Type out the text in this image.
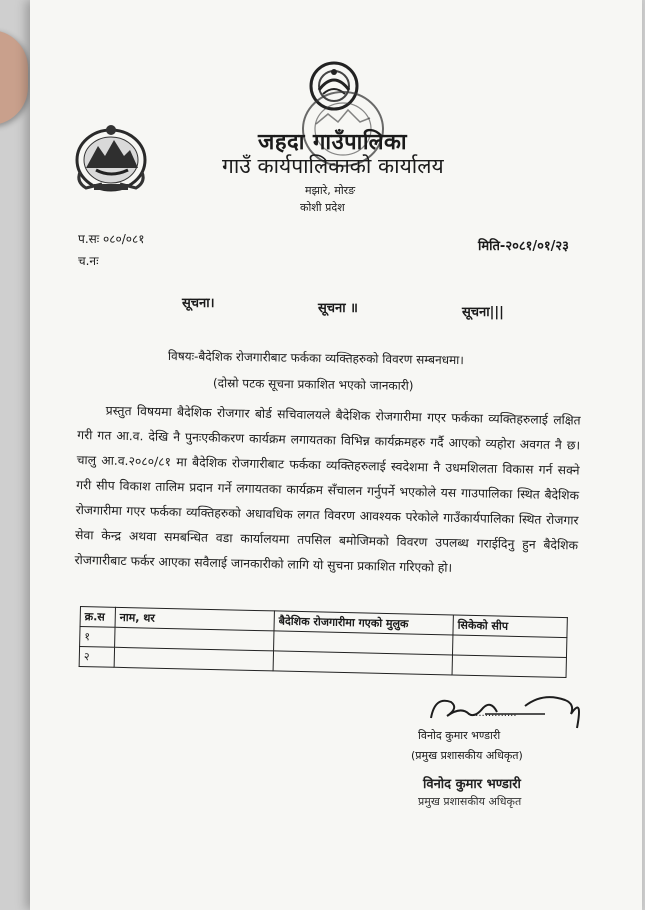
जहदा गाउँपालिका
गाउँ कार्यपालिकाको कार्यालय
मझारे, मोरङ
कोशी प्रदेश
प.सः ०८०/०८१
च.नः
मिति-२०८१/०१/२३
सूचना।	सूचना ॥	सूचना|||
विषयः-बैदेशिक रोजगारीबाट फर्कका व्यक्तिहरुको विवरण सम्बनधमा।
(दोस्रो पटक सूचना प्रकाशित भएको जानकारी)
प्रस्तुत विषयमा बैदेशिक रोजगार बोर्ड सचिवालयले बैदेशिक रोजगारीमा गएर फर्कका व्यक्तिहरुलाई लक्षित गरी गत आ.व. देखि नै पुनःएकीकरण कार्यक्रम लगायतका विभिन्न कार्यक्रमहरु गर्दै आएको व्यहोरा अवगत नै छ। चालु आ.व.२०८०/८१ मा बैदेशिक रोजगारीबाट फर्कका व्यक्तिहरुलाई स्वदेशमा नै उधमशिलता विकास गर्न सक्ने गरी सीप विकाश तालिम प्रदान गर्ने लगायतका कार्यक्रम सँचालन गर्नुपर्ने भएकोले यस गाउपालिका स्थित बैदेशिक रोजगारीमा गएर फर्कका व्यक्तिहरुको अधावधिक लगत विवरण आवश्यक परेकोले गाउँकार्यपालिका स्थित रोजगार सेवा केन्द्र अथवा समबन्धित वडा कार्यालयमा तपसिल बमोजिमको विवरण उपलब्ध गराईदिनु हुन बैदेशिक रोजगारीबाट फर्कर आएका सवैलाई जानकारीको लागि यो सुचना प्रकाशित गरिएको हो।
क्र.स	नाम, थर	बैदेशिक रोजगारीमा गएको मुलुक	सिकेको सीप
१			
२			
..............
विनोद कुमार भण्डारी
(प्रमुख प्रशासकीय अधिकृत)
विनोद कुमार भण्डारी
प्रमुख प्रशासकीय अधिकृत
